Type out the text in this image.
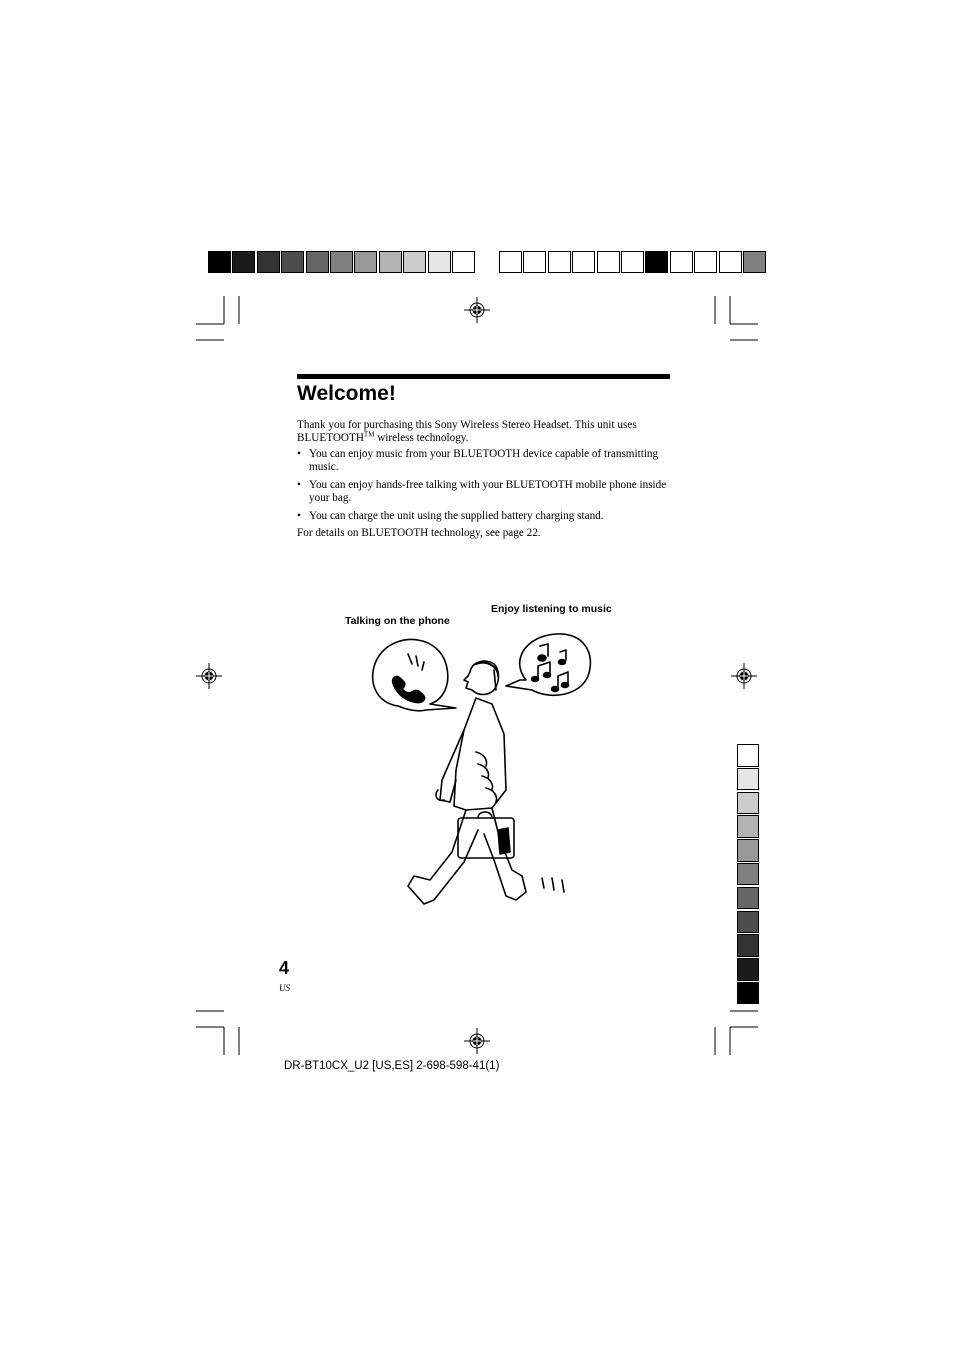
Welcome!
Thank you for purchasing this Sony Wireless Stereo Headset. This unit uses BLUETOOTH™ wireless technology.
• You can enjoy music from your BLUETOOTH device capable of transmitting music.
• You can enjoy hands-free talking with your BLUETOOTH mobile phone inside your bag.
• You can charge the unit using the supplied battery charging stand.
For details on BLUETOOTH technology, see page 22.
Enjoy listening to music
Talking on the phone
4
US
DR-BT10CX_U2 [US,ES] 2-698-598-41(1)
